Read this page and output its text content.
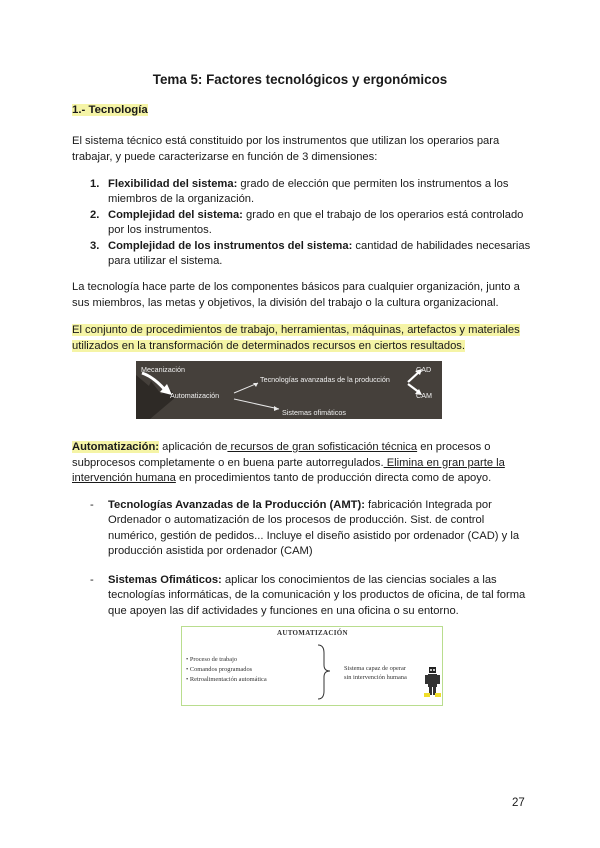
Tema 5: Factores tecnológicos y ergonómicos
1.- Tecnología
El sistema técnico está constituido por los instrumentos que utilizan los operarios para trabajar, y puede caracterizarse en función de 3 dimensiones:
1. Flexibilidad del sistema: grado de elección que permiten los instrumentos a los miembros de la organización.
2. Complejidad del sistema: grado en que el trabajo de los operarios está controlado por los instrumentos.
3. Complejidad de los instrumentos del sistema: cantidad de habilidades necesarias para utilizar el sistema.
La tecnología hace parte de los componentes básicos para cualquier organización, junto a sus miembros, las metas y objetivos, la división del trabajo o la cultura organizacional.
El conjunto de procedimientos de trabajo, herramientas, máquinas, artefactos y materiales utilizados en la transformación de determinados recursos en ciertos resultados.
Mecanización
Automatización
Tecnologías avanzadas de la producción
Sistemas ofimáticos
CAD
CAM
Automatización: aplicación de recursos de gran sofisticación técnica en procesos o subprocesos completamente o en buena parte autorregulados. Elimina en gran parte la intervención humana en procedimientos tanto de producción directa como de apoyo.
- Tecnologías Avanzadas de la Producción (AMT): fabricación Integrada por Ordenador o automatización de los procesos de producción. Sist. de control numérico, gestión de pedidos... Incluye el diseño asistido por ordenador (CAD) y la producción asistida por ordenador (CAM)
- Sistemas Ofimáticos: aplicar los conocimientos de las ciencias sociales a las tecnologías informáticas, de la comunicación y los productos de oficina, de tal forma que apoyen las dif actividades y funciones en una oficina o su entorno.
AUTOMATIZACIÓN
• Proceso de trabajo
• Comandos programados
• Retroalimentación automática
Sistema capaz de operar
sin intervención humana
27
